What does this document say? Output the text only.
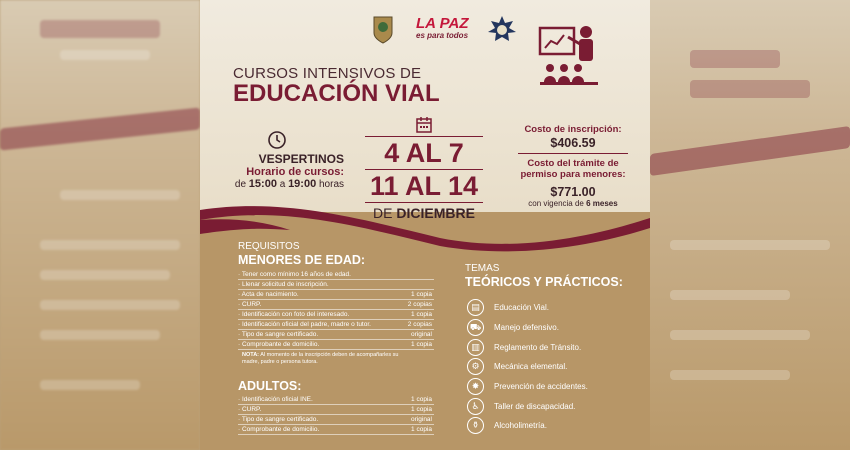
LA PAZ
es para todos
CURSOS INTENSIVOS DE
EDUCACIÓN VIAL
VESPERTINOS
Horario de cursos:
de 15:00 a 19:00 horas
4 AL 7
11 AL 14
DE DICIEMBRE
Costo de inscripción:
$406.59
Costo del trámite de permiso para menores:
$771.00
con vigencia de 6 meses
REQUISITOS
MENORES DE EDAD:
· Tener como mínimo 16 años de edad.
· Llenar solicitud de inscripción.
· Acta de nacimiento.	1 copia
· CURP.	2 copias
· Identificación con foto del interesado.	1 copia
· Identificación oficial del padre, madre o tutor.	2 copias
· Tipo de sangre certificado.	original
· Comprobante de domicilio.	1 copia
NOTA: Al momento de la inscripción deben de acompañarles su madre, padre o persona tutora.
ADULTOS:
· Identificación oficial INE.	1 copia
· CURP.	1 copia
· Tipo de sangre certificado.	original
· Comprobante de domicilio.	1 copia
TEMAS
TEÓRICOS Y PRÁCTICOS:
▤	Educación Vial.
⛟	Manejo defensivo.
▥	Reglamento de Tránsito.
⚙	Mecánica elemental.
✸	Prevención de accidentes.
♿	Taller de discapacidad.
⚱	Alcoholimetría.
